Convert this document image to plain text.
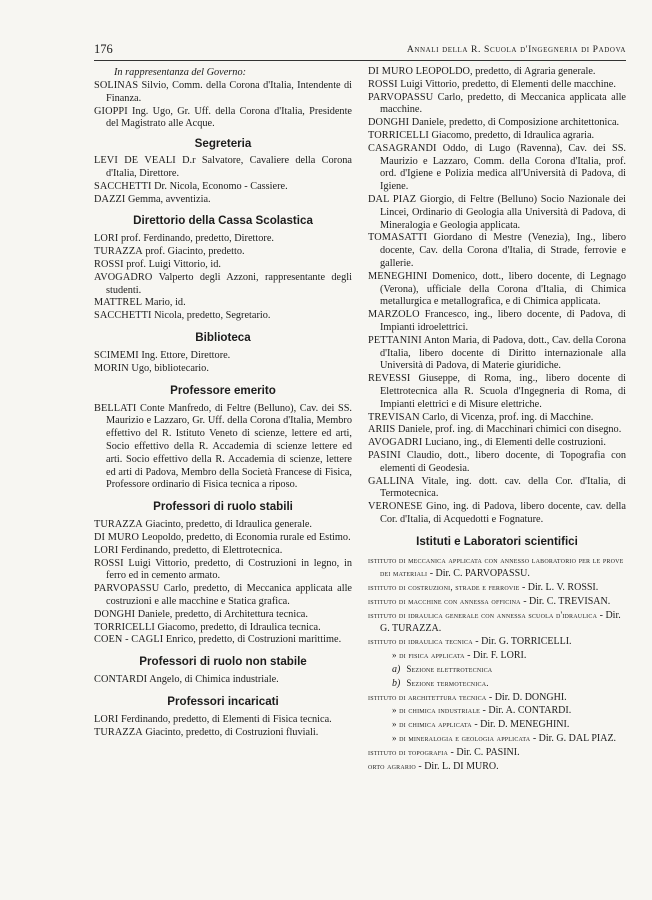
176	Annali della R. Scuola d'Ingegneria di Padova
In rappresentanza del Governo:

SOLINAS Silvio, Comm. della Corona d'Italia, Intendente di Finanza.

GIOPPI Ing. Ugo, Gr. Uff. della Corona d'Italia, Presidente del Magistrato alle Acque.

Segreteria

LEVI DE VEALI D.r Salvatore, Cavaliere della Corona d'Italia, Direttore.

SACCHETTI Dr. Nicola, Economo - Cassiere.

DAZZI Gemma, avventizia.

Direttorio della Cassa Scolastica

LORI prof. Ferdinando, predetto, Direttore.

TURAZZA prof. Giacinto, predetto.

ROSSI prof. Luigi Vittorio, id.

AVOGADRO Valperto degli Azzoni, rappresentante degli studenti.

MATTREL Mario, id.

SACCHETTI Nicola, predetto, Segretario.

Biblioteca

SCIMEMI Ing. Ettore, Direttore.

MORIN Ugo, bibliotecario.

Professore emerito

BELLATI Conte Manfredo, di Feltre (Belluno), Cav. dei SS. Maurizio e Lazzaro, Gr. Uff. della Corona d'Italia, Membro effettivo del R. Istituto Veneto di scienze, lettere ed arti, Socio effettivo della R. Accademia di scienze lettere ed arti. Socio effettivo della R. Accademia di scienze, lettere ed arti di Padova, Membro della Società Francese di Fisica, Professore ordinario di Fisica tecnica a riposo.

Professori di ruolo stabili

TURAZZA Giacinto, predetto, di Idraulica generale.

DI MURO Leopoldo, predetto, di Economia rurale ed Estimo.

LORI Ferdinando, predetto, di Elettrotecnica.

ROSSI Luigi Vittorio, predetto, di Costruzioni in legno, in ferro ed in cemento armato.

PARVOPASSU Carlo, predetto, di Meccanica applicata alle costruzioni e alle macchine e Statica grafica.

DONGHI Daniele, predetto, di Architettura tecnica.

TORRICELLI Giacomo, predetto, di Idraulica tecnica.

COEN - CAGLI Enrico, predetto, di Costruzioni marittime.

Professori di ruolo non stabile

CONTARDI Angelo, di Chimica industriale.

Professori incaricati

LORI Ferdinando, predetto, di Elementi di Fisica tecnica.

TURAZZA Giacinto, predetto, di Costruzioni fluviali.

DI MURO LEOPOLDO, predetto, di Agraria generale.

ROSSI Luigi Vittorio, predetto, di Elementi delle macchine.

PARVOPASSU Carlo, predetto, di Meccanica applicata alle macchine.

DONGHI Daniele, predetto, di Composizione architettonica.

TORRICELLI Giacomo, predetto, di Idraulica agraria.

CASAGRANDI Oddo, di Lugo (Ravenna), Cav. dei SS. Maurizio e Lazzaro, Comm. della Corona d'Italia, prof. ord. d'Igiene e Polizia medica all'Università di Padova, di Igiene.

DAL PIAZ Giorgio, di Feltre (Belluno) Socio Nazionale dei Lincei, Ordinario di Geologia alla Università di Padova, di Mineralogia e Geologia applicata.

TOMASATTI Giordano di Mestre (Venezia), Ing., libero docente, Cav. della Corona d'Italia, di Strade, ferrovie e gallerie.

MENEGHINI Domenico, dott., libero docente, di Legnago (Verona), ufficiale della Corona d'Italia, di Chimica metallurgica e metallografica, e di Chimica applicata.

MARZOLO Francesco, ing., libero docente, di Padova, di Impianti idroelettrici.

PETTANINI Anton Maria, di Padova, dott., Cav. della Corona d'Italia, libero docente di Diritto internazionale alla Università di Padova, di Materie giuridiche.

REVESSI Giuseppe, di Roma, ing., libero docente di Elettrotecnica alla R. Scuola d'Ingegneria di Roma, di Impianti elettrici e di Misure elettriche.

TREVISAN Carlo, di Vicenza, prof. ing. di Macchine.

ARIIS Daniele, prof. ing. di Macchinari chimici con disegno.

AVOGADRI Luciano, ing., di Elementi delle costruzioni.

PASINI Claudio, dott., libero docente, di Topografia con elementi di Geodesia.

GALLINA Vitale, ing. dott. cav. della Cor. d'Italia, di Termotecnica.

VERONESE Gino, ing. di Padova, libero docente, cav. della Cor. d'Italia, di Acquedotti e Fognature.

Istituti e Laboratori scientifici

istituto di meccanica applicata con annesso laboratorio per le prove dei materiali - Dir. C. PARVOPASSU.

istituto di costruzioni, strade e ferrovie - Dir. L. V. ROSSI.

istituto di macchine con annessa officina - Dir. C. TREVISAN.

istituto di idraulica generale con annessa scuola d'idraulica - Dir. G. TURAZZA.

istituto di idraulica tecnica - Dir. G. TORRICELLI.

» di fisica applicata - Dir. F. LORI.

a) Sezione elettrotecnica

b) Sezione termotecnica.

istituto di architettura tecnica - Dir. D. DONGHI.

» di chimica industriale - Dir. A. CONTARDI.

» di chimica applicata - Dir. D. MENEGHINI.

» di mineralogia e geologia applicata - Dir. G. DAL PIAZ.

istituto di topografia - Dir. C. PASINI.

orto agrario - Dir. L. DI MURO.
